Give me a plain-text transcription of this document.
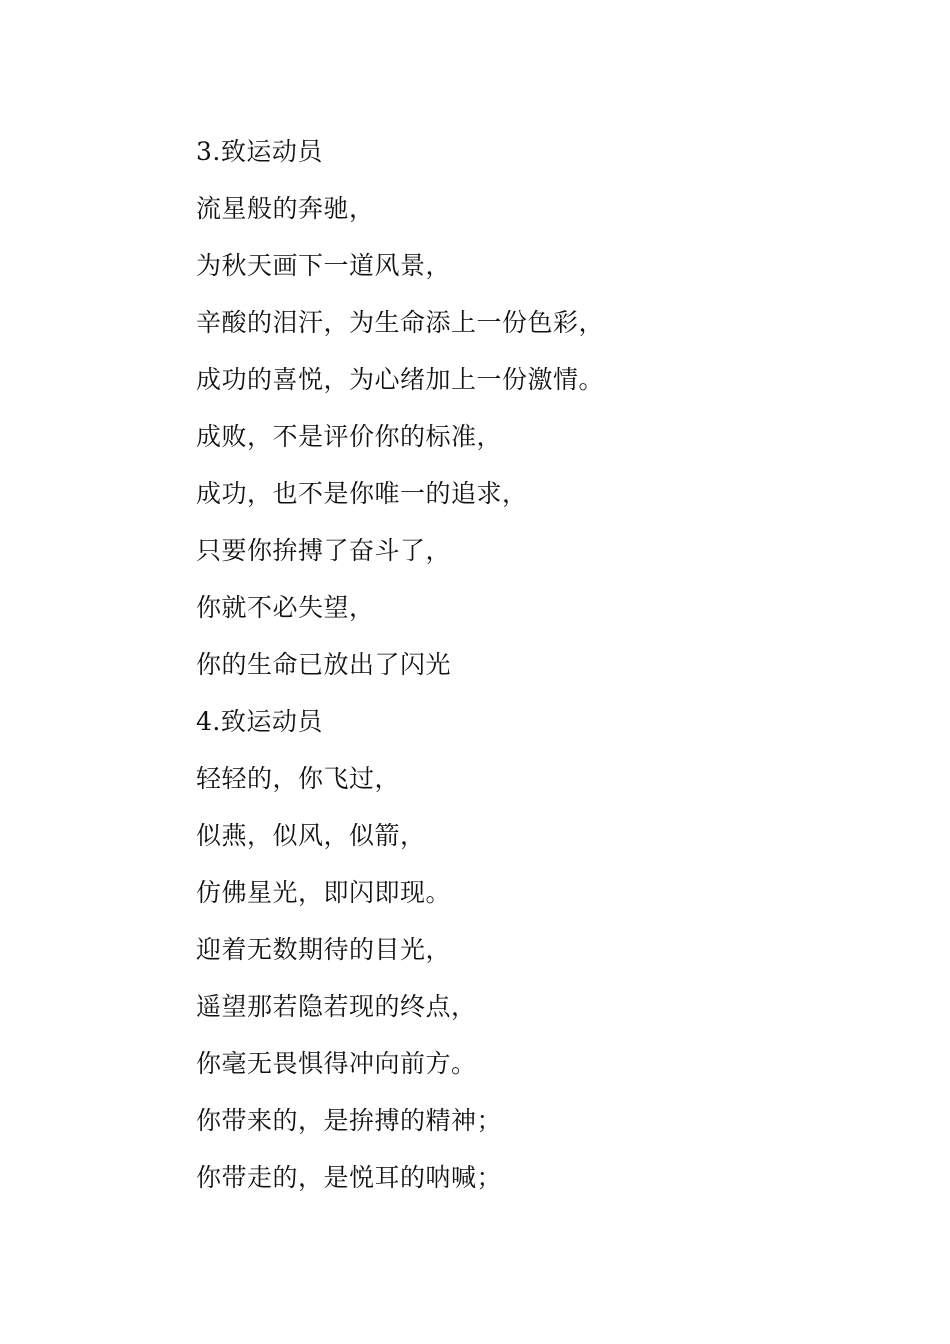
3.致运动员
流星般的奔驰，
为秋天画下一道风景，
辛酸的泪汗，为生命添上一份色彩，
成功的喜悦，为心绪加上一份激情。
成败，不是评价你的标准，
成功，也不是你唯一的追求，
只要你拚搏了奋斗了，
你就不必失望，
你的生命已放出了闪光
4.致运动员
轻轻的，你飞过，
似燕，似风，似箭，
仿佛星光，即闪即现。
迎着无数期待的目光，
遥望那若隐若现的终点，
你毫无畏惧得冲向前方。
你带来的，是拚搏的精神；
你带走的，是悦耳的呐喊；
